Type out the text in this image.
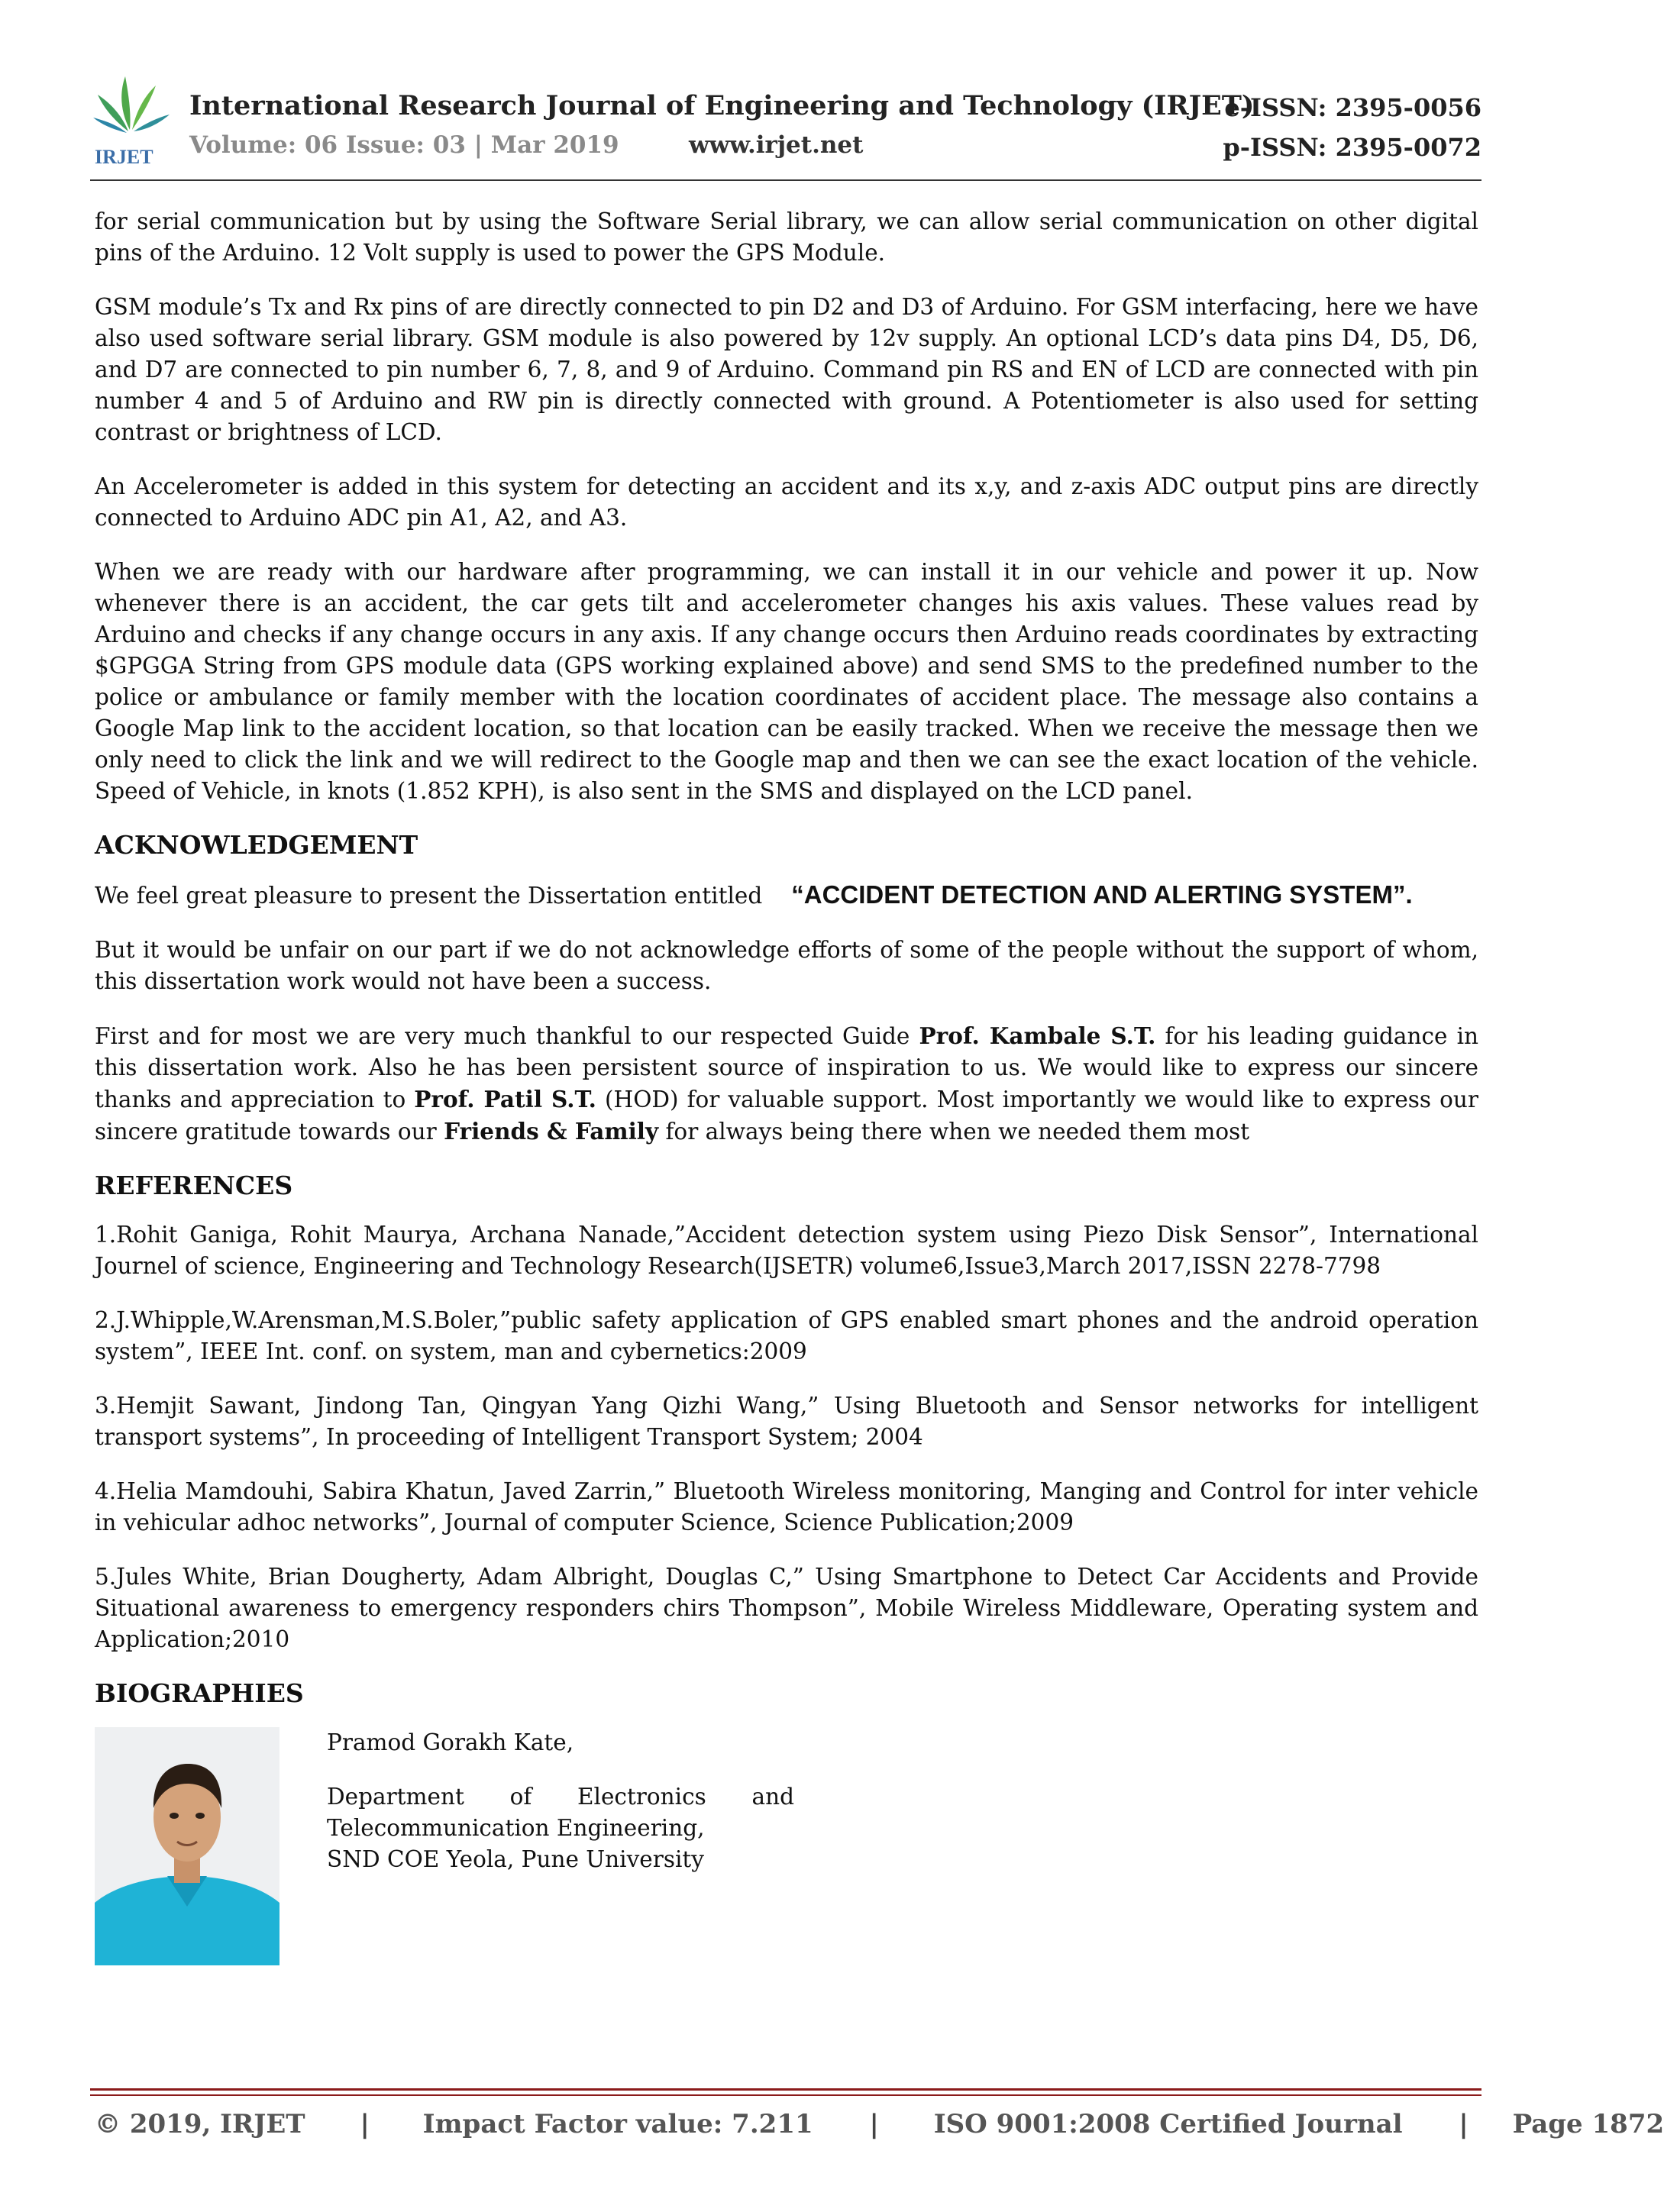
IRJET
International Research Journal of Engineering and Technology (IRJET)
Volume: 06 Issue: 03 | Mar 2019	www.irjet.net
e-ISSN: 2395-0056
p-ISSN: 2395-0072

for serial communication but by using the Software Serial library, we can allow serial communication on other digital pins of the Arduino. 12 Volt supply is used to power the GPS Module.

GSM module’s Tx and Rx pins of are directly connected to pin D2 and D3 of Arduino. For GSM interfacing, here we have also used software serial library. GSM module is also powered by 12v supply. An optional LCD’s data pins D4, D5, D6, and D7 are connected to pin number 6, 7, 8, and 9 of Arduino. Command pin RS and EN of LCD are connected with pin number 4 and 5 of Arduino and RW pin is directly connected with ground. A Potentiometer is also used for setting contrast or brightness of LCD.

An Accelerometer is added in this system for detecting an accident and its x,y, and z-axis ADC output pins are directly connected to Arduino ADC pin A1, A2, and A3.

When we are ready with our hardware after programming, we can install it in our vehicle and power it up. Now whenever there is an accident, the car gets tilt and accelerometer changes his axis values. These values read by Arduino and checks if any change occurs in any axis. If any change occurs then Arduino reads coordinates by extracting $GPGGA String from GPS module data (GPS working explained above) and send SMS to the predefined number to the police or ambulance or family member with the location coordinates of accident place. The message also contains a Google Map link to the accident location, so that location can be easily tracked. When we receive the message then we only need to click the link and we will redirect to the Google map and then we can see the exact location of the vehicle. Speed of Vehicle, in knots (1.852 KPH), is also sent in the SMS and displayed on the LCD panel.

ACKNOWLEDGEMENT
We feel great pleasure to present the Dissertation entitled “ACCIDENT DETECTION AND ALERTING SYSTEM”.

But it would be unfair on our part if we do not acknowledge efforts of some of the people without the support of whom, this dissertation work would not have been a success.

First and for most we are very much thankful to our respected Guide Prof. Kambale S.T. for his leading guidance in this dissertation work. Also he has been persistent source of inspiration to us. We would like to express our sincere thanks and appreciation to Prof. Patil S.T. (HOD) for valuable support. Most importantly we would like to express our sincere gratitude towards our Friends & Family for always being there when we needed them most

REFERENCES

1.Rohit Ganiga, Rohit Maurya, Archana Nanade,”Accident detection system using Piezo Disk Sensor”, International Journel of science, Engineering and Technology Research(IJSETR) volume6,Issue3,March 2017,ISSN 2278-7798

2.J.Whipple,W.Arensman,M.S.Boler,”public safety application of GPS enabled smart phones and the android operation system”, IEEE Int. conf. on system, man and cybernetics:2009

3.Hemjit Sawant, Jindong Tan, Qingyan Yang Qizhi Wang,” Using Bluetooth and Sensor networks for intelligent transport systems”, In proceeding of Intelligent Transport System; 2004

4.Helia Mamdouhi, Sabira Khatun, Javed Zarrin,” Bluetooth Wireless monitoring, Manging and Control for inter vehicle in vehicular adhoc networks”, Journal of computer Science, Science Publication;2009

5.Jules White, Brian Dougherty, Adam Albright, Douglas C,” Using Smartphone to Detect Car Accidents and Provide Situational awareness to emergency responders chirs Thompson”, Mobile Wireless Middleware, Operating system and Application;2010

BIOGRAPHIES

Pramod Gorakh Kate,

Department of Electronics and
Telecommunication Engineering,
SND COE Yeola, Pune University

© 2019, IRJET | Impact Factor value: 7.211 | ISO 9001:2008 Certified Journal | Page 1872
